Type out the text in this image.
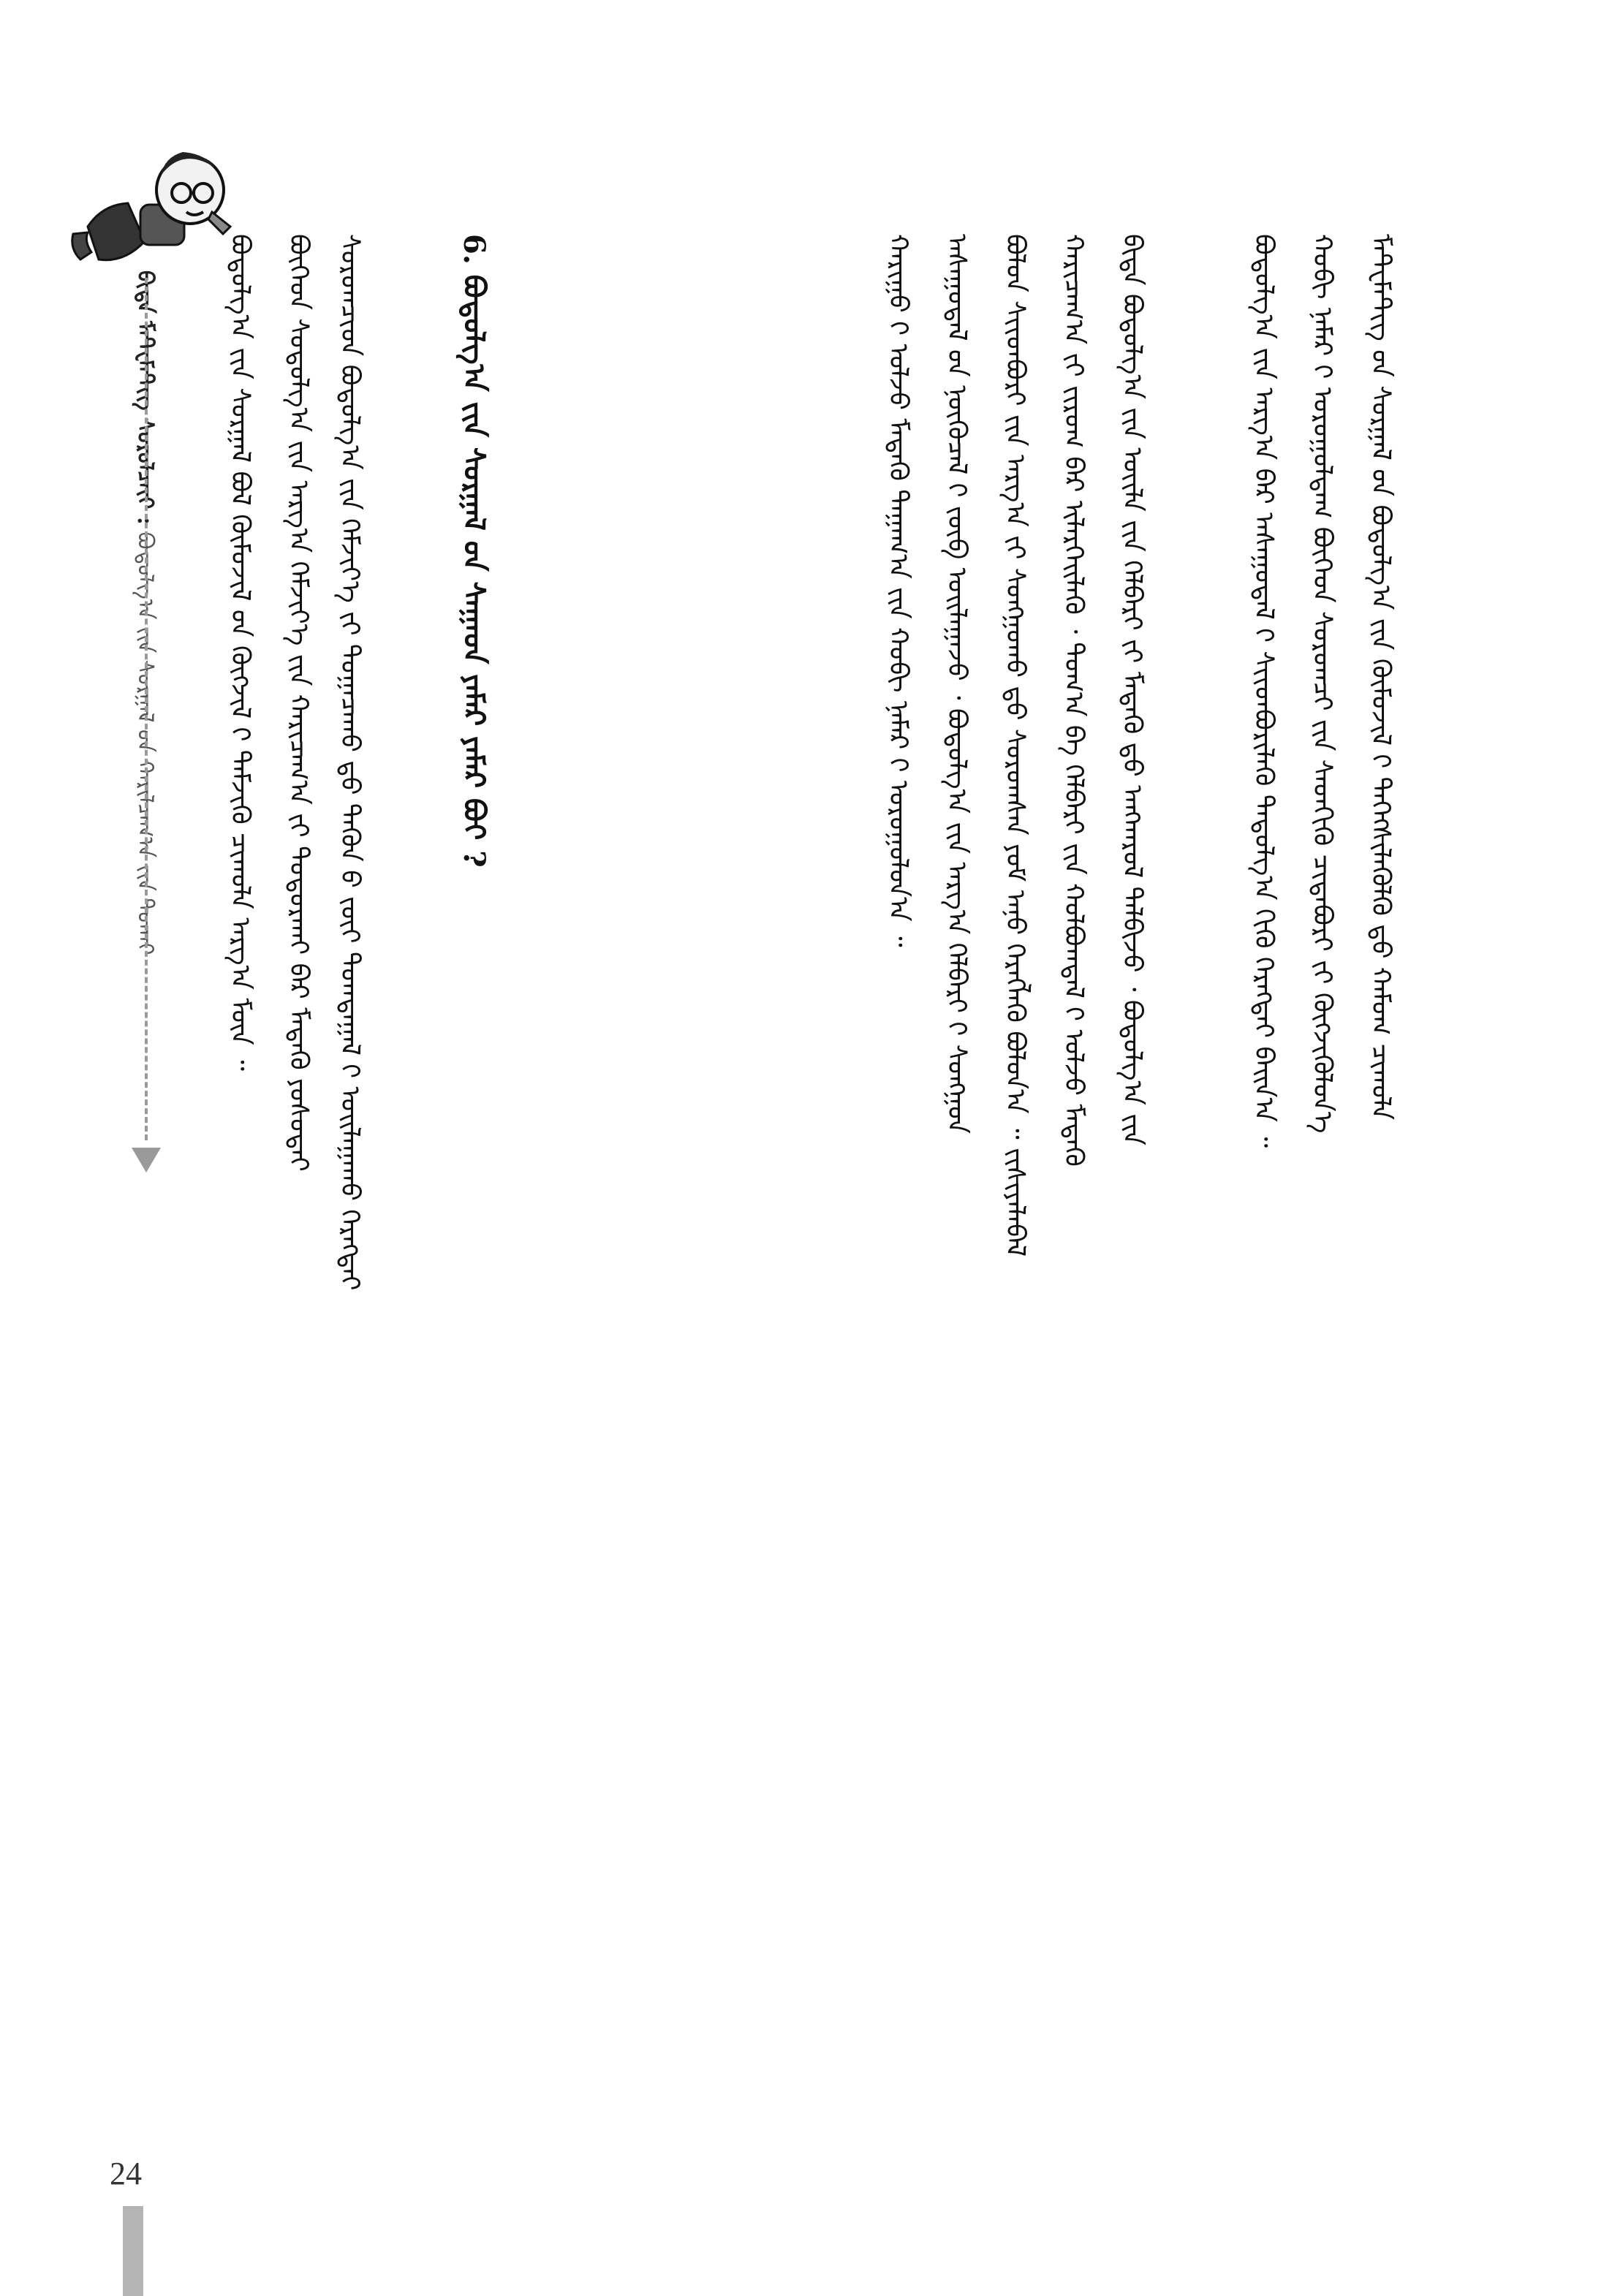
ᠪᠢᠳᠡ ᠮᠠᠲ᠋ᠧᠮᠠᠲ᠋ᠢᠭ᠌ ᠰᠤᠷᠤᠯᠴᠠᠶ᠋ᠢ : ᠪᠣᠳᠣᠯᠭ᠎ᠠ ᠶ᠋ᠢᠨ ᠰᠤᠷᠭᠠᠯ ᠤ᠋ᠨ ᠬᠠᠷᠢᠯᠴᠠᠭ᠎ᠠ ᠶ᠋ᠢᠨ ᠲᠤᠬᠠᠢ	ᠪᠣᠳᠣᠯᠭ᠎ᠠ ᠶ᠋ᠢᠨ ᠰᠤᠷᠭᠠᠯ ᠪᠣᠯ ᠬᠦᠮᠦᠵᠢᠯ ᠦ᠋ᠨ ᠬᠥᠭᠵᠢᠯ ᠢ᠋ ᠳᠡᠮᠵᠢᠬᠦ ᠴᠢᠬᠤᠯᠠ ᠠᠷᠭ᠎ᠠ ᠮᠥᠨ ᠃ ᠪᠥᠭᠡᠳ ᠰᠣᠳᠤᠯᠭ᠎ᠠ ᠶ᠋ᠢᠨ ᠠᠷᠭ᠎ᠠ ᠬᠡᠮᠵᠢᠶ᠎ᠡ ᠶ᠋ᠢᠨ ᠬᠠᠷᠢᠴᠠᠭ᠎ᠠ ᠶ᠋ᠢ ᠲᠣᠳᠣᠷᠬᠠᠢ ᠪᠡᠷ ᠮᠡᠳᠡᠬᠦ ᠶᠣᠰᠣᠲᠠᠢ ᠰᠤᠷᠤᠭᠴᠢᠳ ᠪᠣᠳᠣᠯᠭ᠎ᠠ ᠶ᠋ᠢᠨ ᠬᠡᠮᠵᠢᠶ᠎ᠡ ᠶ᠋ᠢ ᠲᠣᠭᠠᠴᠠᠬᠤ ᠳ᠋ᠤ᠌ ᠲᠡᠭᠦᠨ ᠤ᠋ ᠵᠦᠢ ᠲᠣᠭᠲᠠᠭᠠᠯ ᠢ᠋ ᠣᠢᠯᠠᠭᠠᠬᠤ ᠬᠡᠷᠡᠭᠲᠡᠢ	6. ᠪᠣᠳᠣᠯᠭ᠎ᠠ ᠶ᠋ᠢᠨ ᠰᠤᠷᠭᠠᠯ ᠤ᠋ᠨ ᠰᠠᠭᠠᠳ ᠶᠠᠮᠠᠷ ᠶᠠᠮᠠᠷ ᠪᠤᠢ ?	ᠬᠠᠷᠢᠭᠤ ᠢ᠋ ᠣᠯᠵᠤ ᠮᠡᠳᠡᠬᠦ ᠳᠠᠭᠠᠭ᠎ᠠ ᠶ᠋ᠢᠨ ᠬᠤᠪᠢ ᠨᠡᠮᠡᠷ ᠢ᠋ ᠣᠷᠣᠭᠤᠯᠤᠨ᠎ᠠ ᠃ ᠠᠰᠠᠭᠤᠳᠠᠯ ᠤ᠋ᠨ ᠨᠥᠬᠦᠴᠡᠯ ᠢ᠋ ᠵᠥᠪ ᠣᠢᠯᠠᠭᠠᠵᠤ ᠂ ᠪᠣᠳᠣᠯᠭ᠎ᠠ ᠶ᠋ᠢᠨ ᠠᠷᠭ᠎ᠠ ᠬᠡᠯᠪᠡᠷᠢ ᠢ᠋ ᠰᠣᠩᠭᠣᠨ ᠪᠣᠯᠤᠨ ᠰᠢᠢᠳᠪᠦᠷᠢ ᠶ᠋ᠢᠨ ᠠᠷᠭ᠎ᠠ ᠶ᠋ᠢ ᠰᠣᠩᠭᠣᠬᠤ ᠳ᠋ᠤ᠌ ᠰᠤᠷᠤᠭᠰᠠᠨ ᠶᠤᠮ ᠠᠨᠤ ᠬᠡᠷᠡᠭᠯᠡᠬᠦ ᠪᠤᠯᠤᠨ᠎ᠠ ᠃ ᠵᠢᠱᠢᠶᠡᠯᠡᠪᠡᠯ ᠬᠠᠷᠢᠴᠠᠭ᠎ᠠ ᠶ᠋ᠢ ᠵᠢᠷᠤᠭ ᠪᠠᠷ ᠢᠯᠡᠷᠬᠡᠢᠯᠡᠬᠦ ᠂ ᠲᠣᠭ᠎ᠠ ᠪᠠ ᠬᠡᠯᠪᠡᠷᠢ ᠶ᠋ᠢᠨ ᠬᠣᠯᠪᠣᠭᠳᠠᠯ ᠢ᠋ ᠣᠯᠵᠤ ᠮᠡᠳᠡᠬᠦ ᠪᠢᠳᠡ ᠪᠣᠳᠣᠯᠭ᠎ᠠ ᠶ᠋ᠢᠨ ᠦᠢᠯᠡ ᠶ᠋ᠢᠨ ᠬᠡᠯᠪᠡᠷᠢ ᠶ᠋ᠢ ᠮᠡᠳᠡᠬᠦ ᠳ᠋ᠤ᠌ ᠠᠩᠬᠠᠷᠤᠯ ᠲᠠᠯᠪᠢᠵᠤ ᠂ ᠪᠣᠳᠣᠯᠭ᠎ᠠ ᠶ᠋ᠢᠨ	ᠪᠣᠳᠣᠯᠭ᠎ᠠ ᠶ᠋ᠢᠨ ᠠᠷᠭ᠎ᠠ ᠪᠠᠷ ᠠᠰᠠᠭᠤᠳᠠᠯ ᠢ᠋ ᠰᠢᠢᠳᠪᠦᠷᠢᠯᠡᠬᠦ ᠳᠠᠳᠤᠯᠭ᠎ᠠ ᠬᠢᠬᠦ ᠬᠡᠷᠡᠭᠲᠡᠢ ᠪᠠᠢᠨ᠎ᠠ ᠃ ᠬᠤᠪᠢ ᠨᠡᠮᠡᠷ ᠢ᠋ ᠣᠷᠤᠭᠤᠯᠳᠠᠭ ᠪᠥᠭᠡᠳ ᠰᠤᠷᠤᠭᠴᠢ ᠶ᠋ᠢᠨ ᠰᠡᠳᠬᠢᠬᠦ ᠴᠢᠳᠠᠪᠤᠷᠢ ᠶ᠋ᠢ ᠬᠥᠭᠵᠢᠭᠦᠯᠦᠨ᠎ᠡ ᠮᠠᠲ᠋ᠧᠮᠠᠲ᠋ᠢᠭ᠌ ᠤ᠋ᠨ ᠰᠤᠷᠭᠠᠯ ᠤ᠋ᠨ ᠪᠣᠳᠣᠯᠭ᠎ᠠ ᠶ᠋ᠢᠨ ᠬᠦᠮᠦᠵᠢᠯ ᠢ᠋ ᠳᠡᠭᠡᠭᠰᠢᠯᠡᠭᠦᠯᠬᠦ ᠳ᠋ᠤ᠌ ᠬᠠᠮᠤᠭ ᠴᠢᠬᠤᠯᠠ
24
